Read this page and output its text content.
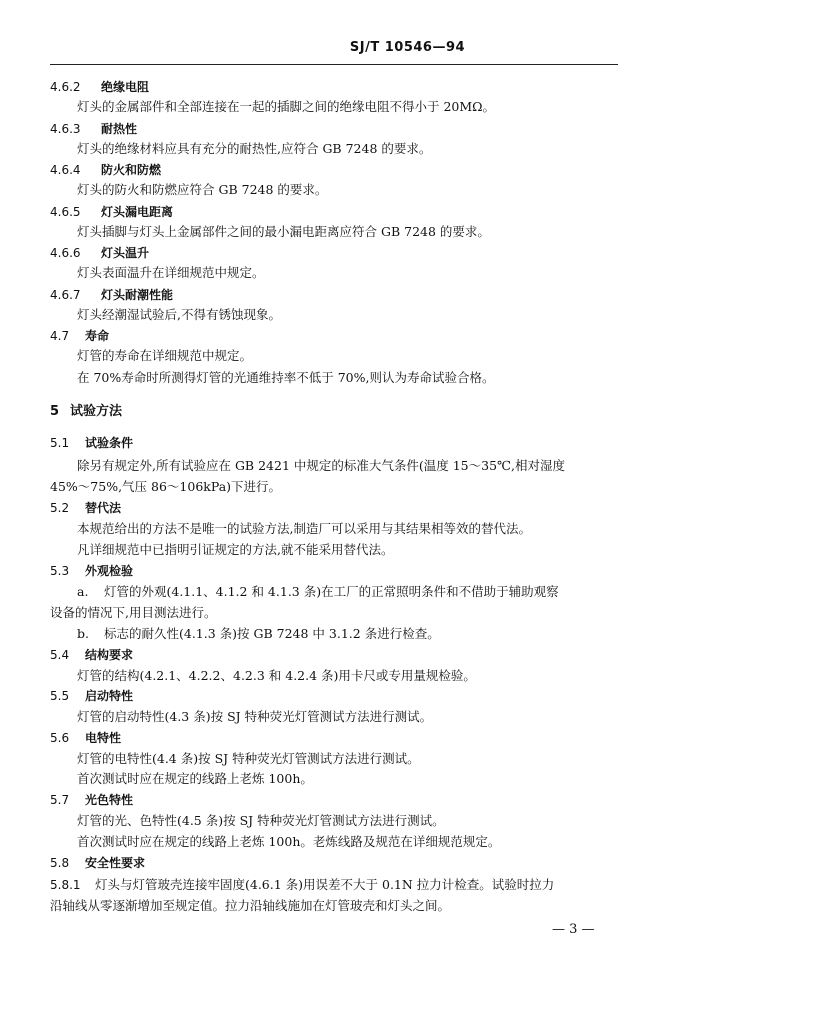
SJ/T 10546—94
4.6.2 绝缘电阻
灯头的金属部件和全部连接在一起的插脚之间的绝缘电阻不得小于 20MΩ。
4.6.3 耐热性
灯头的绝缘材料应具有充分的耐热性,应符合 GB 7248 的要求。
4.6.4 防火和防燃
灯头的防火和防燃应符合 GB 7248 的要求。
4.6.5 灯头漏电距离
灯头插脚与灯头上金属部件之间的最小漏电距离应符合 GB 7248 的要求。
4.6.6 灯头温升
灯头表面温升在详细规范中规定。
4.6.7 灯头耐潮性能
灯头经潮湿试验后,不得有锈蚀现象。
4.7 寿命
灯管的寿命在详细规范中规定。
在 70%寿命时所测得灯管的光通维持率不低于 70%,则认为寿命试验合格。
5 试验方法
5.1 试验条件
除另有规定外,所有试验应在 GB 2421 中规定的标准大气条件(温度 15～35℃,相对湿度
45%～75%,气压 86～106kPa)下进行。
5.2 替代法
本规范给出的方法不是唯一的试验方法,制造厂可以采用与其结果相等效的替代法。
凡详细规范中已指明引证规定的方法,就不能采用替代法。
5.3 外观检验
a. 灯管的外观(4.1.1、4.1.2 和 4.1.3 条)在工厂的正常照明条件和不借助于辅助观察
设备的情况下,用目测法进行。
b. 标志的耐久性(4.1.3 条)按 GB 7248 中 3.1.2 条进行检查。
5.4 结构要求
灯管的结构(4.2.1、4.2.2、4.2.3 和 4.2.4 条)用卡尺或专用量规检验。
5.5 启动特性
灯管的启动特性(4.3 条)按 SJ 特种荧光灯管测试方法进行测试。
5.6 电特性
灯管的电特性(4.4 条)按 SJ 特种荧光灯管测试方法进行测试。
首次测试时应在规定的线路上老炼 100h。
5.7 光色特性
灯管的光、色特性(4.5 条)按 SJ 特种荧光灯管测试方法进行测试。
首次测试时应在规定的线路上老炼 100h。老炼线路及规范在详细规范规定。
5.8 安全性要求
5.8.1 灯头与灯管玻壳连接牢固度(4.6.1 条)用误差不大于 0.1N 拉力计检查。试验时拉力
沿轴线从零逐渐增加至规定值。拉力沿轴线施加在灯管玻壳和灯头之间。
— 3 —
